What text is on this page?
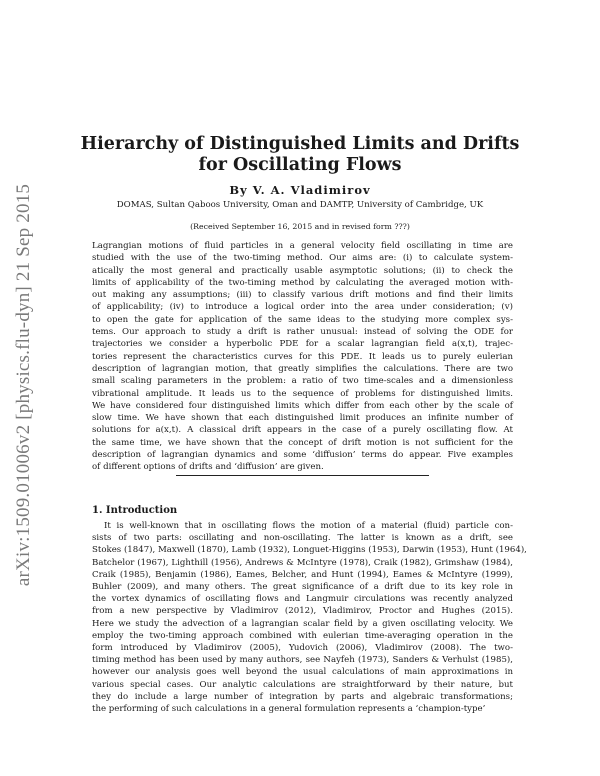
arXiv:1509.01006v2 [physics.flu-dyn] 21 Sep 2015
Hierarchy of Distinguished Limits and Drifts
for Oscillating Flows
By V. A. Vladimirov
DOMAS, Sultan Qaboos University, Oman and DAMTP, University of Cambridge, UK
(Received September 16, 2015 and in revised form ???)
Lagrangian motions of fluid particles in a general velocity field oscillating in time are
studied with the use of the two-timing method. Our aims are: (i) to calculate system-
atically the most general and practically usable asymptotic solutions; (ii) to check the
limits of applicability of the two-timing method by calculating the averaged motion with-
out making any assumptions; (iii) to classify various drift motions and find their limits
of applicability; (iv) to introduce a logical order into the area under consideration; (v)
to open the gate for application of the same ideas to the studying more complex sys-
tems. Our approach to study a drift is rather unusual: instead of solving the ODE for
trajectories we consider a hyperbolic PDE for a scalar lagrangian field a(x,t), trajec-
tories represent the characteristics curves for this PDE. It leads us to purely eulerian
description of lagrangian motion, that greatly simplifies the calculations. There are two
small scaling parameters in the problem: a ratio of two time-scales and a dimensionless
vibrational amplitude. It leads us to the sequence of problems for distinguished limits.
We have considered four distinguished limits which differ from each other by the scale of
slow time. We have shown that each distinguished limit produces an infinite number of
solutions for a(x,t). A classical drift appears in the case of a purely oscillating flow. At
the same time, we have shown that the concept of drift motion is not sufficient for the
description of lagrangian dynamics and some ‘diffusion’ terms do appear. Five examples
of different options of drifts and ‘diffusion’ are given.
1. Introduction
It is well-known that in oscillating flows the motion of a material (fluid) particle con-
sists of two parts: oscillating and non-oscillating. The latter is known as a drift, see
Stokes (1847), Maxwell (1870), Lamb (1932), Longuet-Higgins (1953), Darwin (1953), Hunt (1964),
Batchelor (1967), Lighthill (1956), Andrews & McIntyre (1978), Craik (1982), Grimshaw (1984),
Craik (1985), Benjamin (1986), Eames, Belcher, and Hunt (1994), Eames & McIntyre (1999),
Buhler (2009), and many others. The great significance of a drift due to its key role in
the vortex dynamics of oscillating flows and Langmuir circulations was recently analyzed
from a new perspective by Vladimirov (2012), Vladimirov, Proctor and Hughes (2015).
Here we study the advection of a lagrangian scalar field by a given oscillating velocity. We
employ the two-timing approach combined with eulerian time-averaging operation in the
form introduced by Vladimirov (2005), Yudovich (2006), Vladimirov (2008). The two-
timing method has been used by many authors, see Nayfeh (1973), Sanders & Verhulst (1985),
however our analysis goes well beyond the usual calculations of main approximations in
various special cases. Our analytic calculations are straightforward by their nature, but
they do include a large number of integration by parts and algebraic transformations;
the performing of such calculations in a general formulation represents a ‘champion-type’
